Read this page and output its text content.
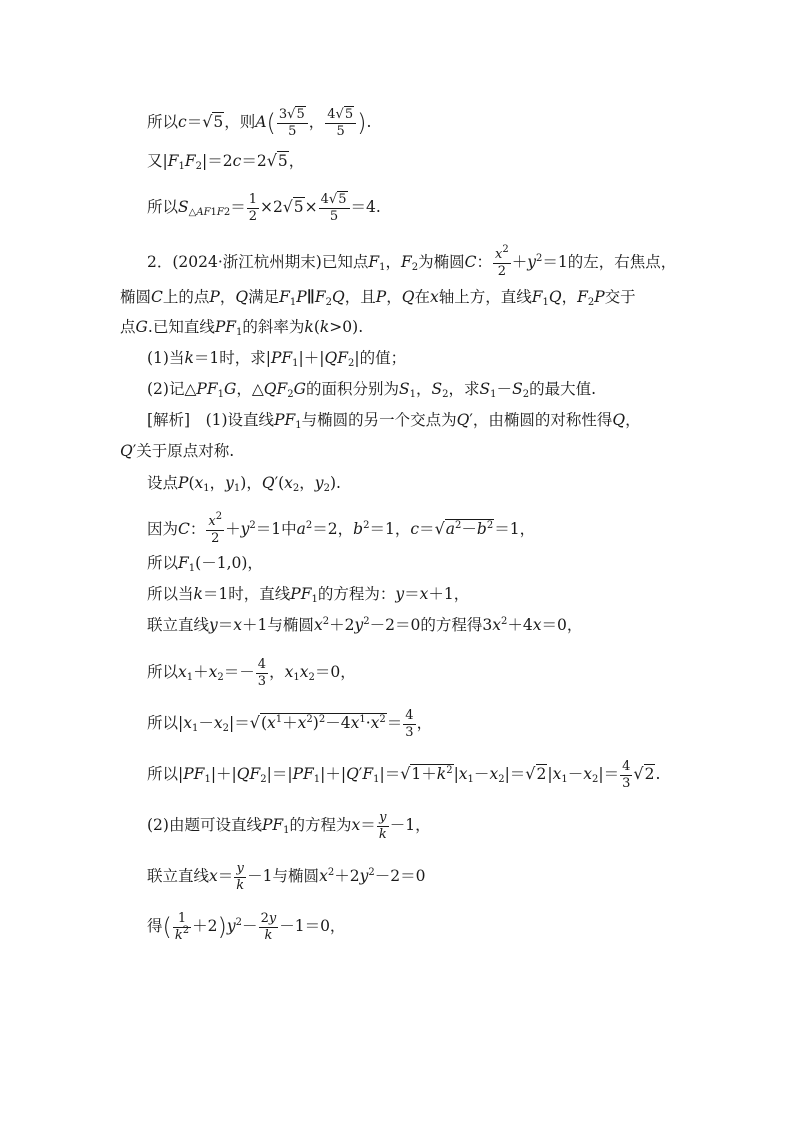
所以c＝√5，则$A( \frac{3√5}{5}$ ， $\frac{4√5}{5}$ ).
又$|F_1F_2|=2c=2√5$，
所以$S_{\triangle AF1F2}= \frac{1}{2} \times 2√5\times \frac{4√5}{5} =4$.
2．(2024·浙江杭州期末)已知点$F_1$，$F_2$为椭圆C： $\frac{x^2}{2} +y^2=1$的左，右焦点，
椭圆C上的点P，Q满足$F_1P\parallel F_2Q$，且P，Q在x轴上方，直线$F_1Q$，$F_2P$交于
点G.已知直线$PF_1$的斜率为k(k>0).
(1)当k＝1时，求$|PF_1|+|QF_2|$的值；
(2)记$\triangle PF_1G$，$\triangle QF_2G$的面积分别为$S_1$，$S_2$，求$S_1-S_2$的最大值.
[解析]　(1)设直线$PF_1$与椭圆的另一个交点为Q′，由椭圆的对称性得Q，
Q′关于原点对称.
设点$P(x_1$，$y_1$)，$Q'(x_2$，$y_2$).
因为C： $\frac{x^2}{2} +y^2=1$中$a^2=2$，$b^2=1$，$c=√a^2-b^2=1$，
所以$F_1(-1,0)$，
所以当k＝1时，直线$PF_1$的方程为：y＝x＋1，
联立直线y＝x＋1与椭圆$x^2+2y^2-2=0$的方程得$3x^2+4x=0$，
所以$x_1+x_2=- \frac{4}{3}$ ，$x_1x_2=0$，
所以$|x_1-x_2|=√(x^1+x^2)^2-4x^1\cdot x^2= \frac{4}{3}$ ，
所以$|PF_1|+|QF_2|=|PF_1|+|Q'F_1|=√1+k^2|x_1-x_2|=√2|x_1-x_2|= \frac{4}{3} √2$.
(2)由题可设直线$PF_1$的方程为$x= \frac{y}{k} -1$，
联立直线$x= \frac{y}{k} -1$与椭圆$x^2+2y^2-2=0$
得( $\frac{1}{k^2} +2)y^2- \frac{2y}{k} -1=0$，
